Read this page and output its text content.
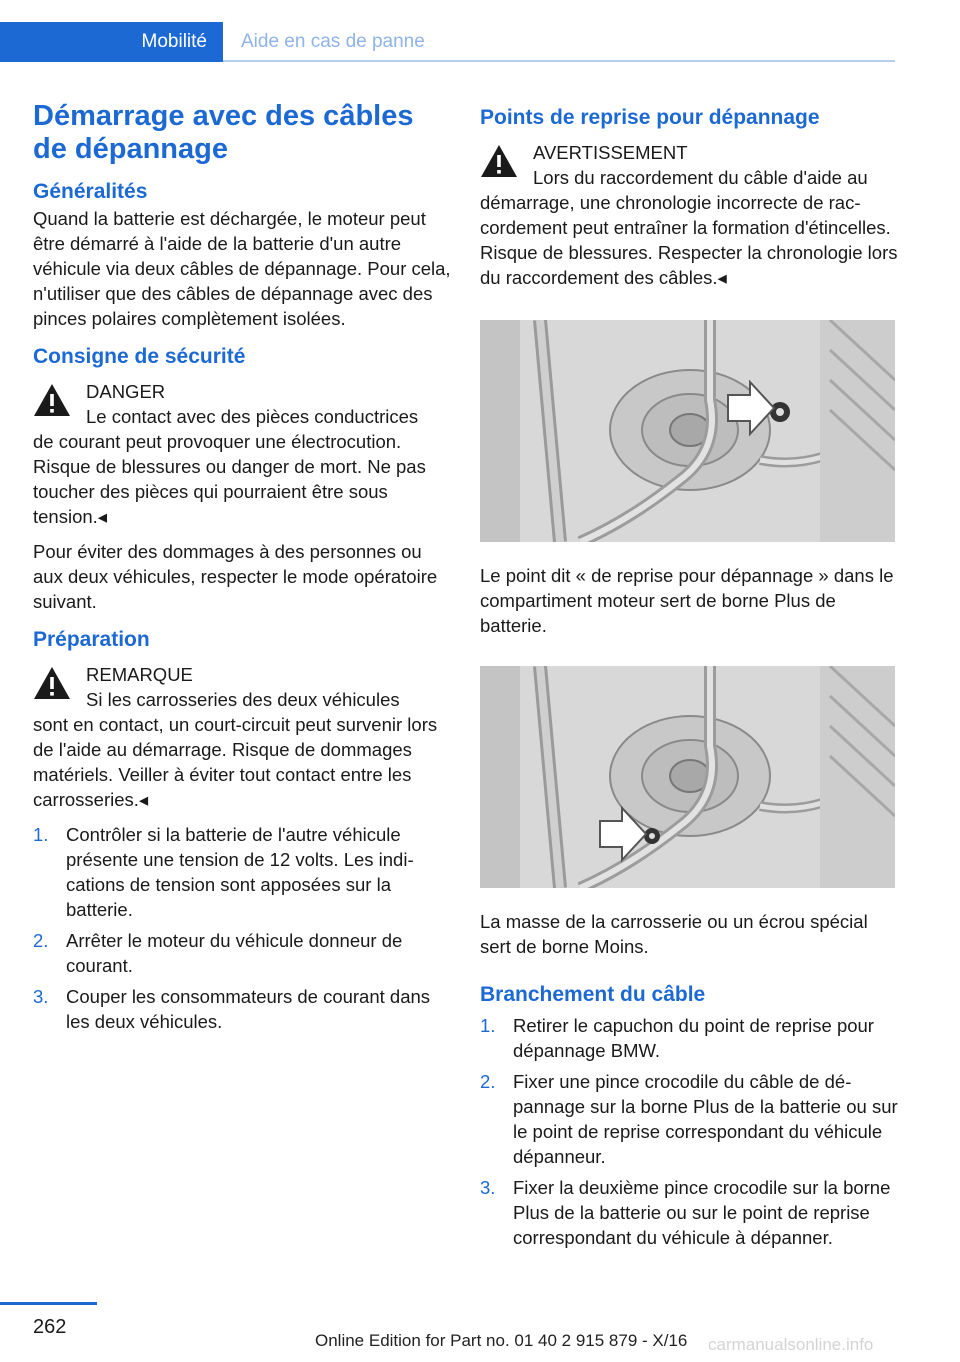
Mobilité	Aide en cas de panne
Démarrage avec des câbles de dépannage
Généralités

Quand la batterie est déchargée, le moteur peut être démarré à l'aide de la batterie d'un autre véhicule via deux câbles de dépannage. Pour cela, n'utiliser que des câbles de dépannage avec des pinces polaires complètement isolées.

Consigne de sécurité
DANGER

Le contact avec des pièces conductrices
de courant peut provoquer une électrocution. Risque de blessures ou danger de mort. Ne pas toucher des pièces qui pourraient être sous tension.◂

Pour éviter des dommages à des personnes ou aux deux véhicules, respecter le mode opératoire suivant.

Préparation
REMARQUE

Si les carrosseries des deux véhicules
sont en contact, un court-circuit peut survenir lors de l'aide au démarrage. Risque de dommages matériels. Veiller à éviter tout contact entre les carrosseries.◂

1. Contrôler si la batterie de l'autre véhicule présente une tension de 12 volts. Les indications de tension sont apposées sur la batterie.
2. Arrêter le moteur du véhicule donneur de courant.
3. Couper les consommateurs de courant dans les deux véhicules.
Points de reprise pour dépannage
AVERTISSEMENT

Lors du raccordement du câble d'aide au
démarrage, une chronologie incorrecte de raccordement peut entraîner la formation d'étincelles. Risque de blessures. Respecter la chronologie lors du raccordement des câbles.◂

Le point dit « de reprise pour dépannage » dans le compartiment moteur sert de borne Plus de batterie.

La masse de la carrosserie ou un écrou spécial sert de borne Moins.

Branchement du câble
1. Retirer le capuchon du point de reprise pour dépannage BMW.
2. Fixer une pince crocodile du câble de dépannage sur la borne Plus de la batterie ou sur le point de reprise correspondant du véhicule dépanneur.
3. Fixer la deuxième pince crocodile sur la borne Plus de la batterie ou sur le point de reprise correspondant du véhicule à dépanner.
262
Online Edition for Part no. 01 40 2 915 879 - X/16 carmanualsonline.info
